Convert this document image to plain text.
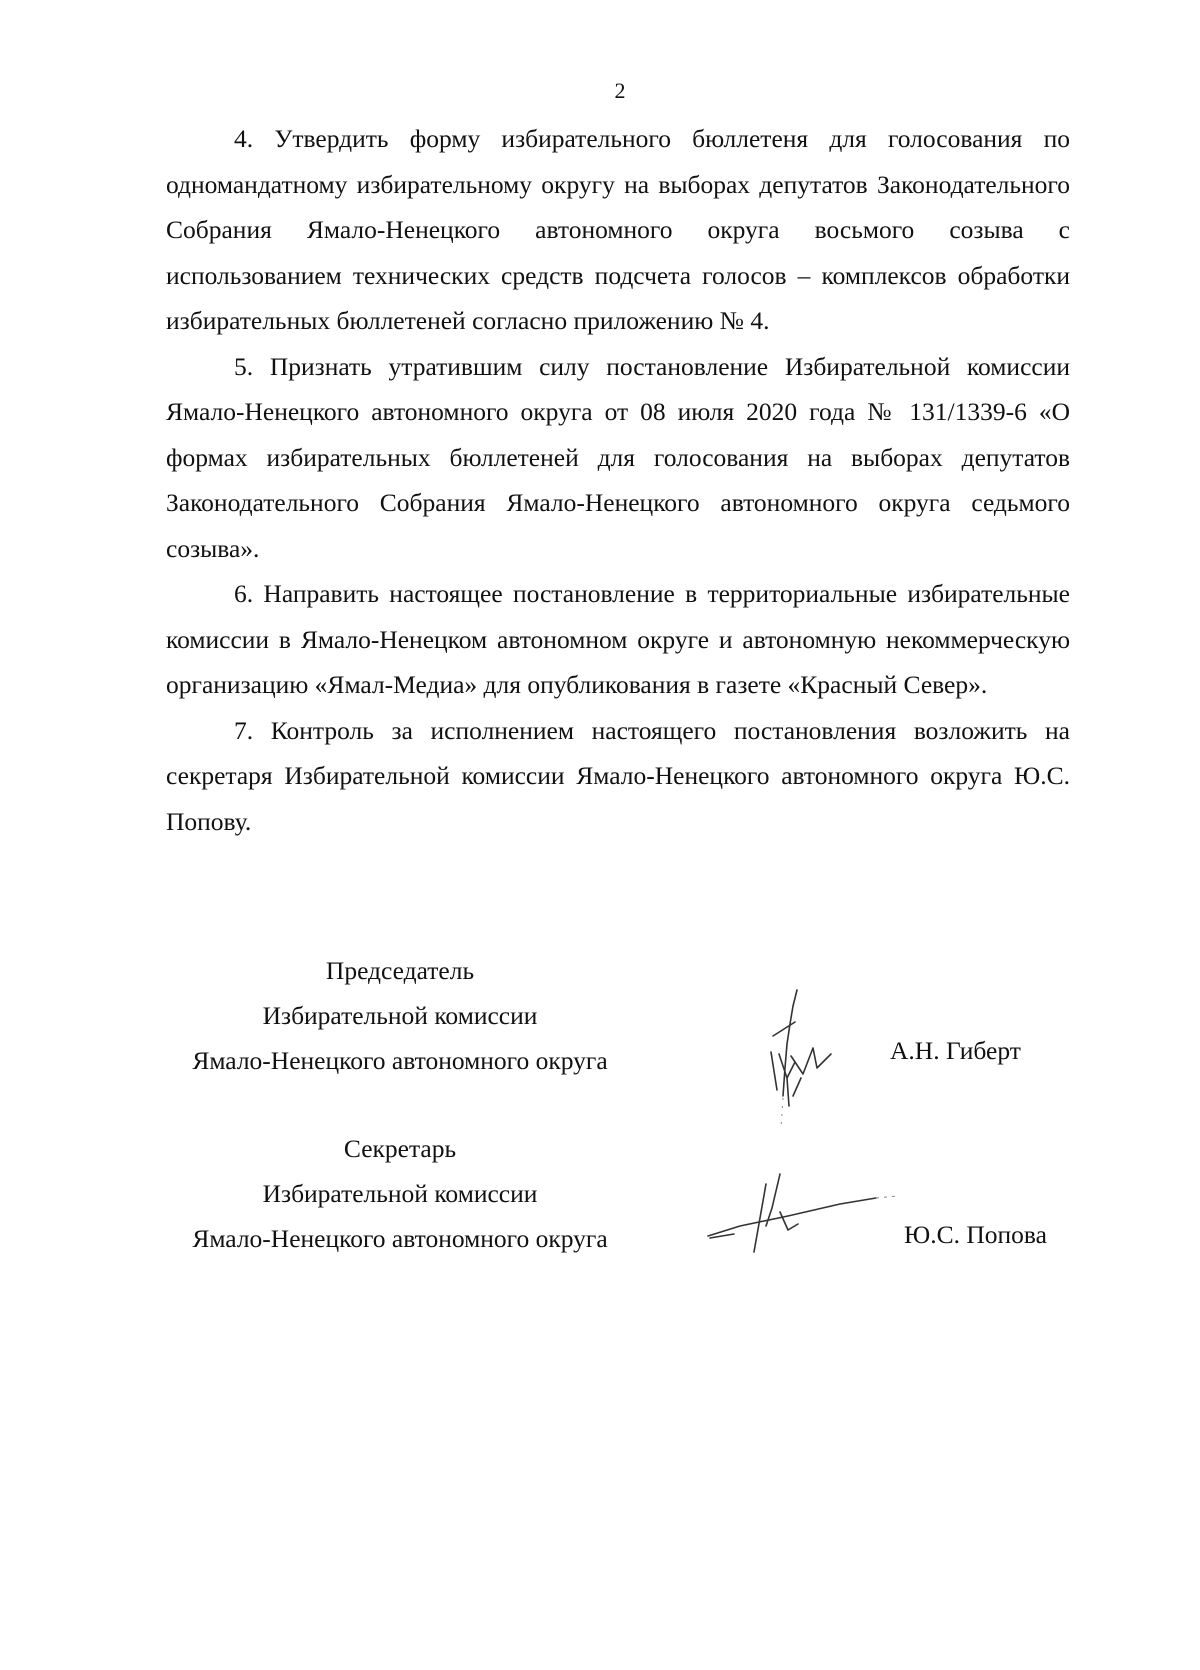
2

4. Утвердить форму избирательного бюллетеня для голосования по одномандатному избирательному округу на выборах депутатов Законодательного Собрания Ямало-Ненецкого автономного округа восьмого созыва с использованием технических средств подсчета голосов – комплексов обработки избирательных бюллетеней согласно приложению № 4.

5. Признать утратившим силу постановление Избирательной комиссии Ямало-Ненецкого автономного округа от 08 июля 2020 года № 131/1339-6 «О формах избирательных бюллетеней для голосования на выборах депутатов Законодательного Собрания Ямало-Ненецкого автономного округа седьмого созыва».

6. Направить настоящее постановление в территориальные избирательные комиссии в Ямало-Ненецком автономном округе и автономную некоммерческую организацию «Ямал-Медиа» для опубликования в газете «Красный Север».

7. Контроль за исполнением настоящего постановления возложить на секретаря Избирательной комиссии Ямало-Ненецкого автономного округа Ю.С. Попову.

Председатель
Избирательной комиссии
Ямало-Ненецкого автономного округа	А.Н. Гиберт
Секретарь
Избирательной комиссии
Ямало-Ненецкого автономного округа	Ю.С. Попова
